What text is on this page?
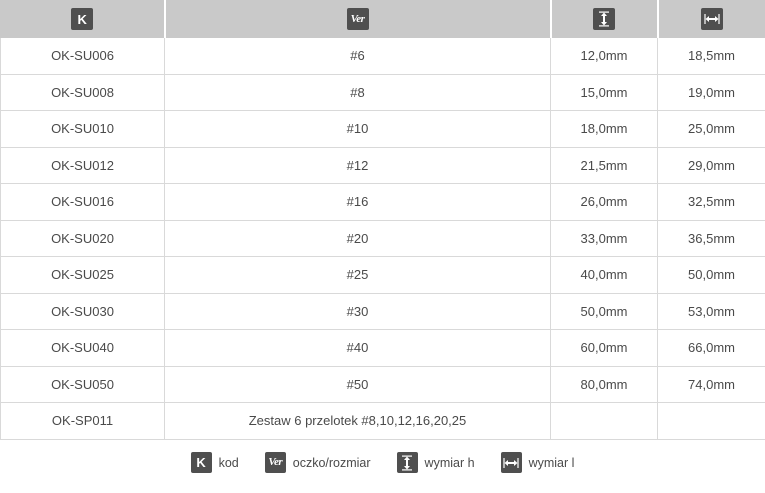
K	Ver	

OK-SU006	#6	12,0mm	18,5mm

OK-SU008	#8	15,0mm	19,0mm

OK-SU010	#10	18,0mm	25,0mm

OK-SU012	#12	21,5mm	29,0mm

OK-SU016	#16	26,0mm	32,5mm

OK-SU020	#20	33,0mm	36,5mm

OK-SU025	#25	40,0mm	50,0mm

OK-SU030	#30	50,0mm	53,0mm

OK-SU040	#40	60,0mm	66,0mm

OK-SU050	#50	80,0mm	74,0mm

OK-SP011	Zestaw 6 przelotek #8,10,12,16,20,25		

K	kod	Ver oczko/rozmiar	wymiar h	wymiar l
